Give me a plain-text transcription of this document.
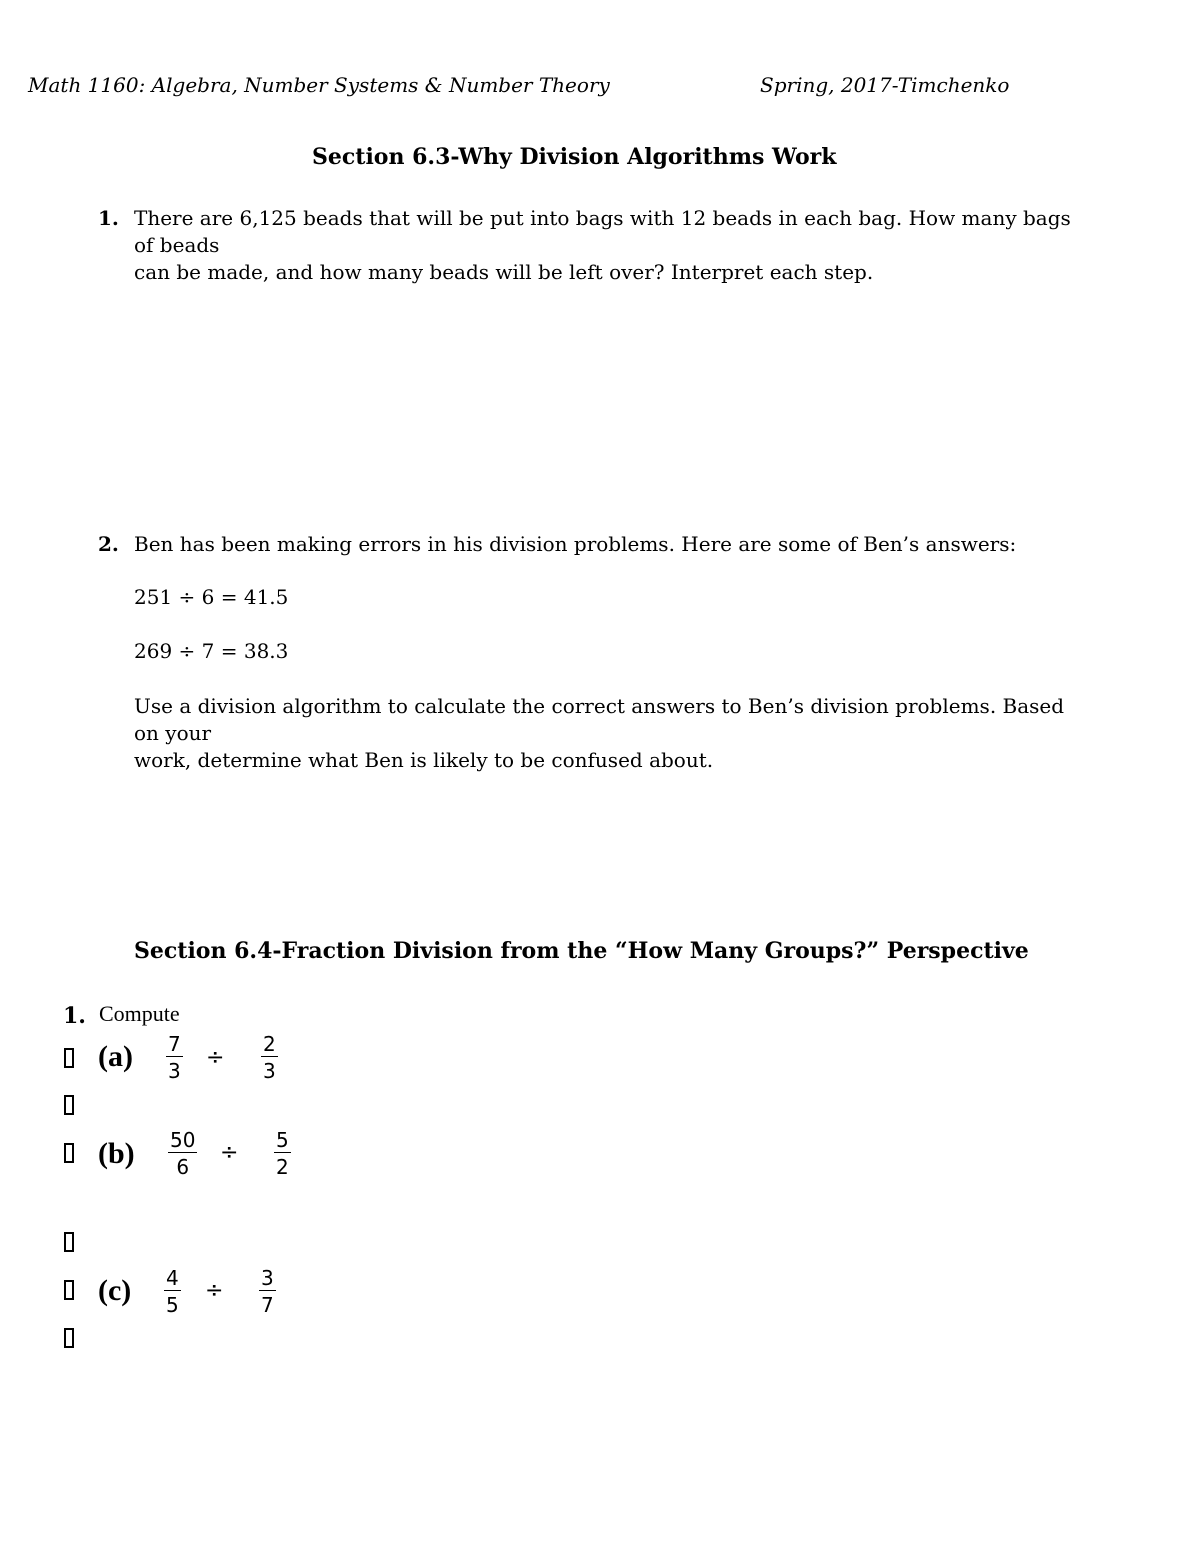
Math 1160: Algebra, Number Systems & Number Theory	Spring, 2017-Timchenko
Section 6.3-Why Division Algorithms Work
1. There are 6,125 beads that will be put into bags with 12 beads in each bag. How many bags of beads
can be made, and how many beads will be left over? Interpret each step.
2. Ben has been making errors in his division problems. Here are some of Ben’s answers:
251 ÷ 6 = 41.5
269 ÷ 7 = 38.3
Use a division algorithm to calculate the correct answers to Ben’s division problems. Based on your
work, determine what Ben is likely to be confused about.
Section 6.4-Fraction Division from the “How Many Groups?” Perspective
1. Compute
$(a) \frac{7}{3} \div \frac{2}{3}$
$(b) \frac{50}{6} \div \frac{5}{2}$
$(c) \frac{4}{5} \div \frac{3}{7}$
